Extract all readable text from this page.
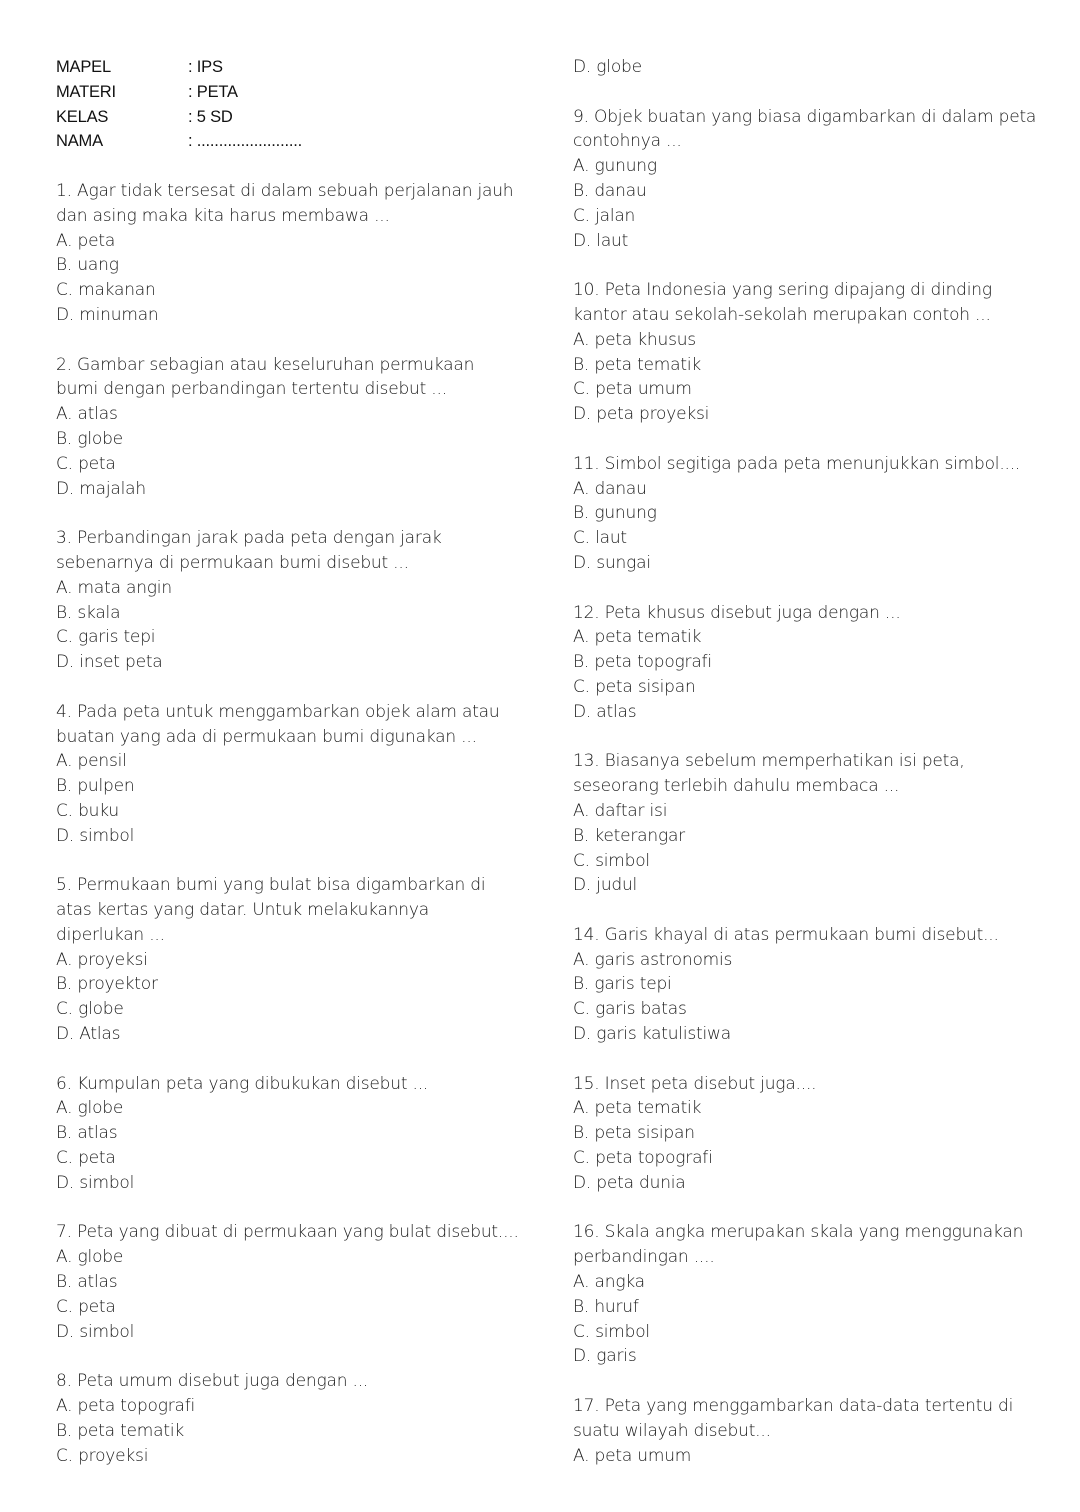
MAPEL	: IPS
MATERI	: PETA
KELAS	: 5 SD
NAMA	: ........................
1. Agar tidak tersesat di dalam sebuah perjalanan jauh
dan asing maka kita harus membawa ...
A. peta
B. uang
C. makanan
D. minuman
2. Gambar sebagian atau keseluruhan permukaan
bumi dengan perbandingan tertentu disebut ...
A. atlas
B. globe
C. peta
D. majalah
3. Perbandingan jarak pada peta dengan jarak
sebenarnya di permukaan bumi disebut ...
A. mata angin
B. skala
C. garis tepi
D. inset peta
4. Pada peta untuk menggambarkan objek alam atau
buatan yang ada di permukaan bumi digunakan ...
A. pensil
B. pulpen
C. buku
D. simbol
5. Permukaan bumi yang bulat bisa digambarkan di
atas kertas yang datar. Untuk melakukannya
diperlukan ...
A. proyeksi
B. proyektor
C. globe
D. Atlas
6. Kumpulan peta yang dibukukan disebut ...
A. globe
B. atlas
C. peta
D. simbol
7. Peta yang dibuat di permukaan yang bulat disebut....
A. globe
B. atlas
C. peta
D. simbol
8. Peta umum disebut juga dengan ...
A. peta topografi
B. peta tematik
C. proyeksi
D. globe
9. Objek buatan yang biasa digambarkan di dalam peta
contohnya ...
A. gunung
B. danau
C. jalan
D. laut
10. Peta Indonesia yang sering dipajang di dinding
kantor atau sekolah-sekolah merupakan contoh ...
A. peta khusus
B. peta tematik
C. peta umum
D. peta proyeksi
11. Simbol segitiga pada peta menunjukkan simbol....
A. danau
B. gunung
C. laut
D. sungai
12. Peta khusus disebut juga dengan ...
A. peta tematik
B. peta topografi
C. peta sisipan
D. atlas
13. Biasanya sebelum memperhatikan isi peta,
seseorang terlebih dahulu membaca ...
A. daftar isi
B. keterangar
C. simbol
D. judul
14. Garis khayal di atas permukaan bumi disebut...
A. garis astronomis
B. garis tepi
C. garis batas
D. garis katulistiwa
15. Inset peta disebut juga....
A. peta tematik
B. peta sisipan
C. peta topografi
D. peta dunia
16. Skala angka merupakan skala yang menggunakan
perbandingan ....
A. angka
B. huruf
C. simbol
D. garis
17. Peta yang menggambarkan data-data tertentu di
suatu wilayah disebut...
A. peta umum
